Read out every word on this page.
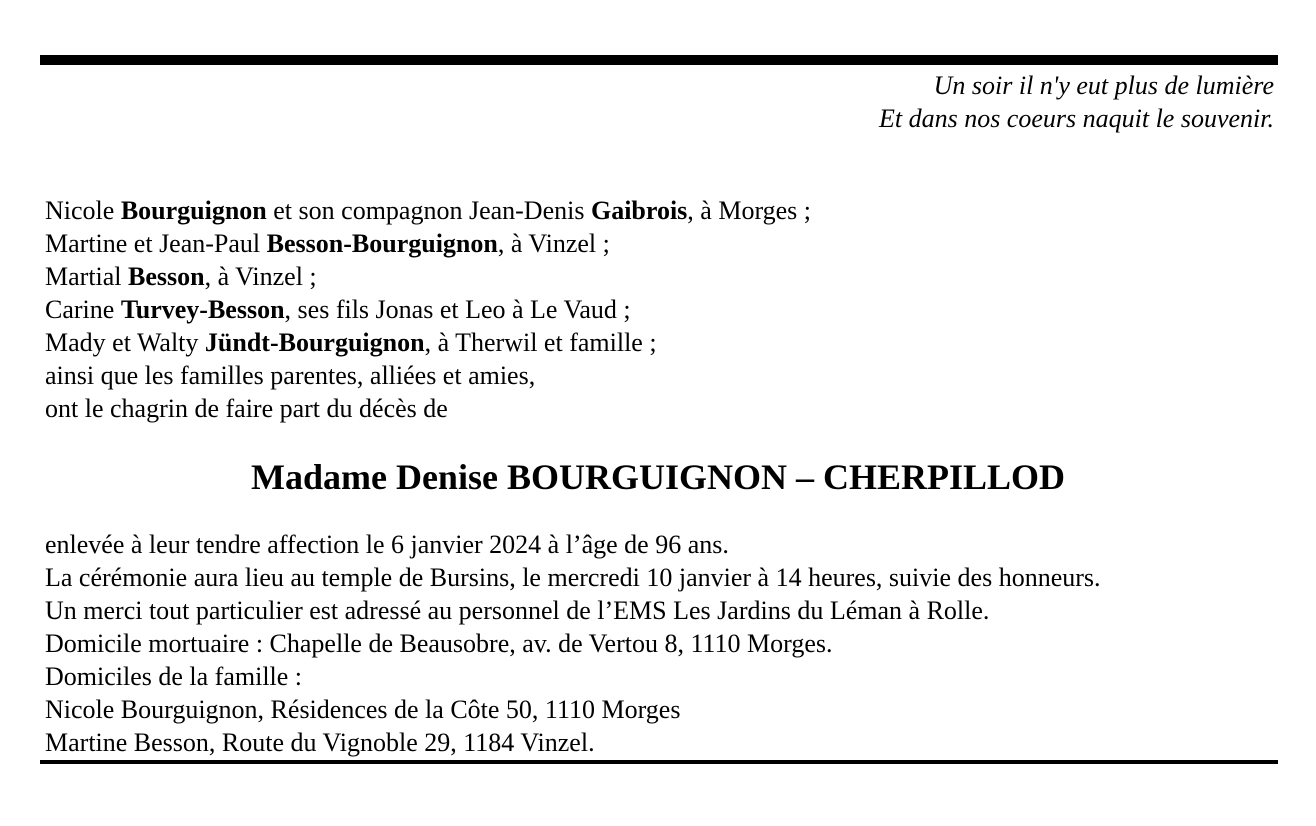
Un soir il n'y eut plus de lumière
Et dans nos coeurs naquit le souvenir.
Nicole Bourguignon et son compagnon Jean-Denis Gaibrois, à Morges ;
Martine et Jean-Paul Besson-Bourguignon, à Vinzel ;
Martial Besson, à Vinzel ;
Carine Turvey-Besson, ses fils Jonas et Leo à Le Vaud ;
Mady et Walty Jündt-Bourguignon, à Therwil et famille ;
ainsi que les familles parentes, alliées et amies,
ont le chagrin de faire part du décès de
Madame Denise BOURGUIGNON – CHERPILLOD
enlevée à leur tendre affection le 6 janvier 2024 à l’âge de 96 ans.
La cérémonie aura lieu au temple de Bursins, le mercredi 10 janvier à 14 heures, suivie des honneurs.
Un merci tout particulier est adressé au personnel de l’EMS Les Jardins du Léman à Rolle.
Domicile mortuaire : Chapelle de Beausobre, av. de Vertou 8, 1110 Morges.
Domiciles de la famille :
Nicole Bourguignon, Résidences de la Côte 50, 1110 Morges
Martine Besson, Route du Vignoble 29, 1184 Vinzel.
